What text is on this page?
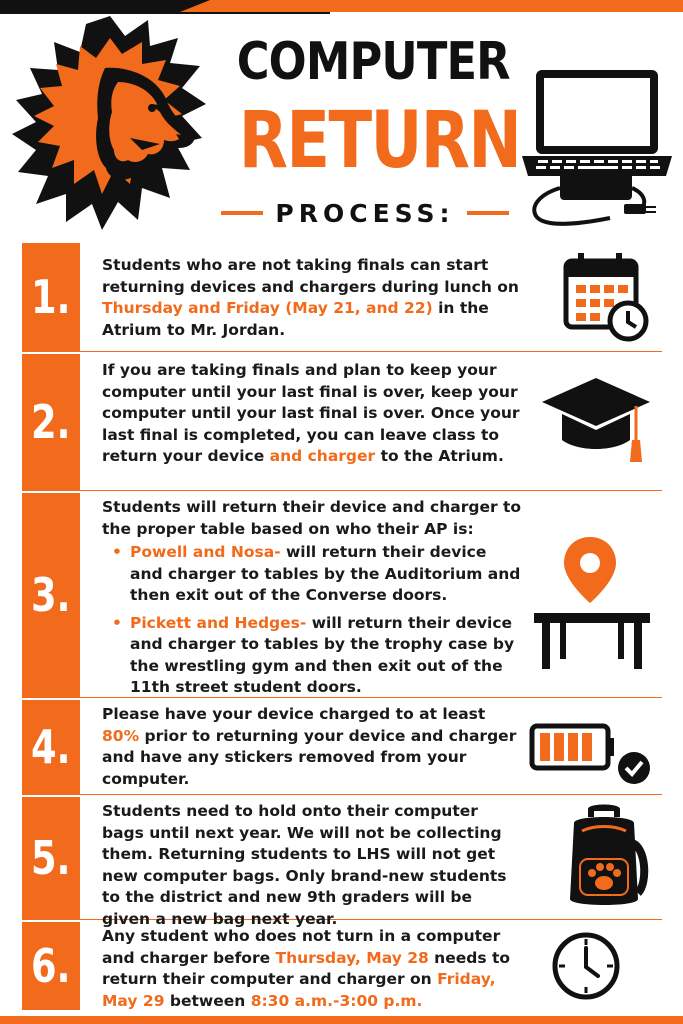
COMPUTER
RETURN
PROCESS:
1.
Students who are not taking finals can start returning devices and chargers during lunch on Thursday and Friday (May 21, and 22) in the Atrium to Mr. Jordan.
2.
If you are taking finals and plan to keep your computer until your last final is over, keep your computer until your last final is over. Once your last final is completed, you can leave class to return your device and charger to the Atrium.
3.
Students will return their device and charger to the proper table based on who their AP is:
• Powell and Nosa- will return their device and charger to tables by the Auditorium and then exit out of the Converse doors.
• Pickett and Hedges- will return their device and charger to tables by the trophy case by the wrestling gym and then exit out of the 11th street student doors.
4.
Please have your device charged to at least 80% prior to returning your device and charger and have any stickers removed from your computer.
5.
Students need to hold onto their computer bags until next year. We will not be collecting them. Returning students to LHS will not get new computer bags. Only brand-new students to the district and new 9th graders will be given a new bag next year.
6.
Any student who does not turn in a computer and charger before Thursday, May 28 needs to return their computer and charger on Friday, May 29 between 8:30 a.m.-3:00 p.m.
